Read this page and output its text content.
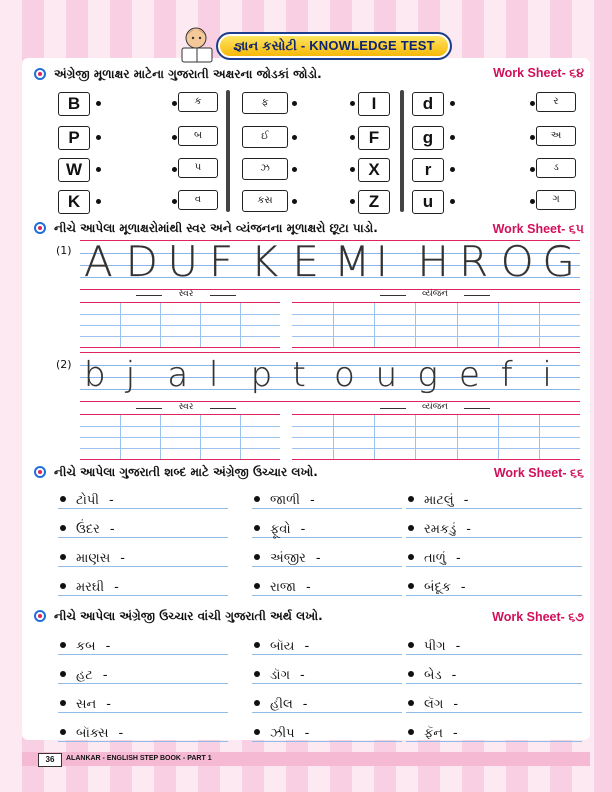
જ્ઞાન કસોટી - KNOWLEDGE TEST
અંગ્રેજી મૂળાક્ષર માટેના ગુજરાતી અક્ષરના જોડકાં જોડો.	Work Sheet- ૬૪
B
P
W
K
ક
બ
પ
વ
ફ
ઈ
ઝ
કસ
I
F
X
Z
d
g
r
u
ર
અ
ડ
ગ
નીચે આપેલા મૂળાક્ષરોમાંથી સ્વર અને વ્યંજનના મૂળાક્ષરો છૂટા પાડો.	Work Sheet- ૬૫
(1) A D U F K E M I H R O G
સ્વર	વ્યંજન
(2) b j a l p t o u g e f i
સ્વર	વ્યંજન
નીચે આપેલા ગુજરાતી શબ્દ માટે અંગ્રેજી ઉચ્ચાર લખો.	Work Sheet- ૬૬
ટોપી -	જાળી -	માટલું -
ઉંદર -	ફૂવો -	રમકડું -
માણસ -	અંજીર -	તાળું -
મરઘી -	રાજા -	બંદૂક -
નીચે આપેલા અંગ્રેજી ઉચ્ચાર વાંચી ગુજરાતી અર્થ લખો.	Work Sheet- ૬૭
કબ -	બૉય -	પીગ -
હટ -	ડૉગ -	બેડ -
સન -	હીલ -	લૅગ -
બૉક્સ -	ઝીપ -	ફૅન -
36	ALANKAR - ENGLISH STEP BOOK - PART 1
